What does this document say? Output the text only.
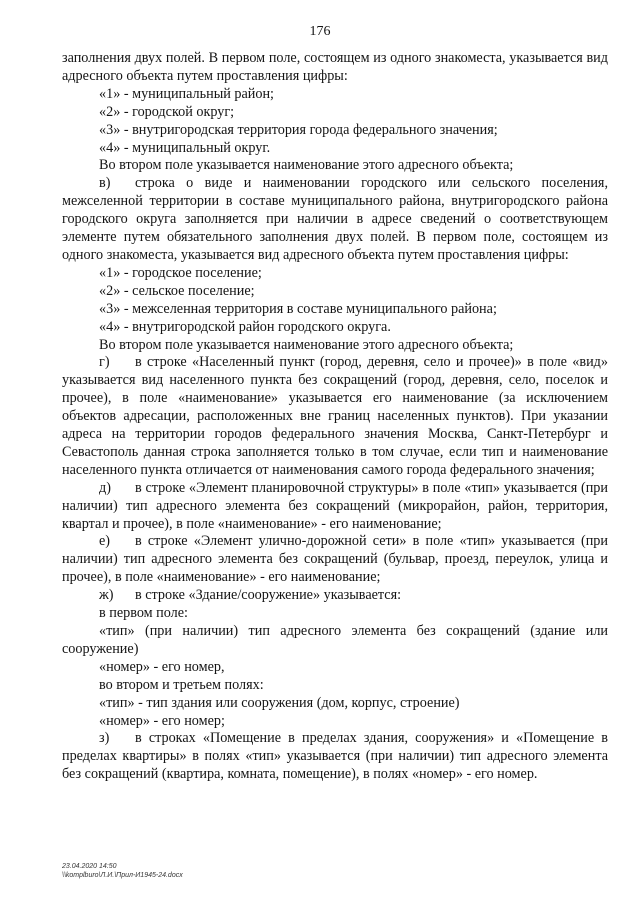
176

заполнения двух полей. В первом поле, состоящем из одного знакоместа, указывается вид адресного объекта путем проставления цифры:

«1» - муниципальный район;

«2» - городской округ;

«3» - внутригородская территория города федерального значения;

«4» - муниципальный округ.

Во втором поле указывается наименование этого адресного объекта;

в) строка о виде и наименовании городского или сельского поселения, межселенной территории в составе муниципального района, внутригородского района городского округа заполняется при наличии в адресе сведений о соответствующем элементе путем обязательного заполнения двух полей. В первом поле, состоящем из одного знакоместа, указывается вид адресного объекта путем проставления цифры:

«1» - городское поселение;

«2» - сельское поселение;

«3» - межселенная территория в составе муниципального района;

«4» - внутригородской район городского округа.

Во втором поле указывается наименование этого адресного объекта;

г) в строке «Населенный пункт (город, деревня, село и прочее)» в поле «вид» указывается вид населенного пункта без сокращений (город, деревня, село, поселок и прочее), в поле «наименование» указывается его наименование (за исключением объектов адресации, расположенных вне границ населенных пунктов). При указании адреса на территории городов федерального значения Москва, Санкт-Петербург и Севастополь данная строка заполняется только в том случае, если тип и наименование населенного пункта отличается от наименования самого города федерального значения;

д) в строке «Элемент планировочной структуры» в поле «тип» указывается (при наличии) тип адресного элемента без сокращений (микрорайон, район, территория, квартал и прочее), в поле «наименование» - его наименование;

е) в строке «Элемент улично-дорожной сети» в поле «тип» указывается (при наличии) тип адресного элемента без сокращений (бульвар, проезд, переулок, улица и прочее), в поле «наименование» - его наименование;

ж) в строке «Здание/сооружение» указывается:

в первом поле:

«тип» (при наличии) тип адресного элемента без сокращений (здание или сооружение)

«номер» - его номер,

во втором и третьем полях:

«тип» - тип здания или сооружения (дом, корпус, строение)

«номер» - его номер;

з) в строках «Помещение в пределах здания, сооружения» и «Помещение в пределах квартиры» в полях «тип» указывается (при наличии) тип адресного элемента без сокращений (квартира, комната, помещение), в полях «номер» - его номер.

23.04.2020 14:50
\\komplburo\Л.И.\Прил-И1945-24.docx
